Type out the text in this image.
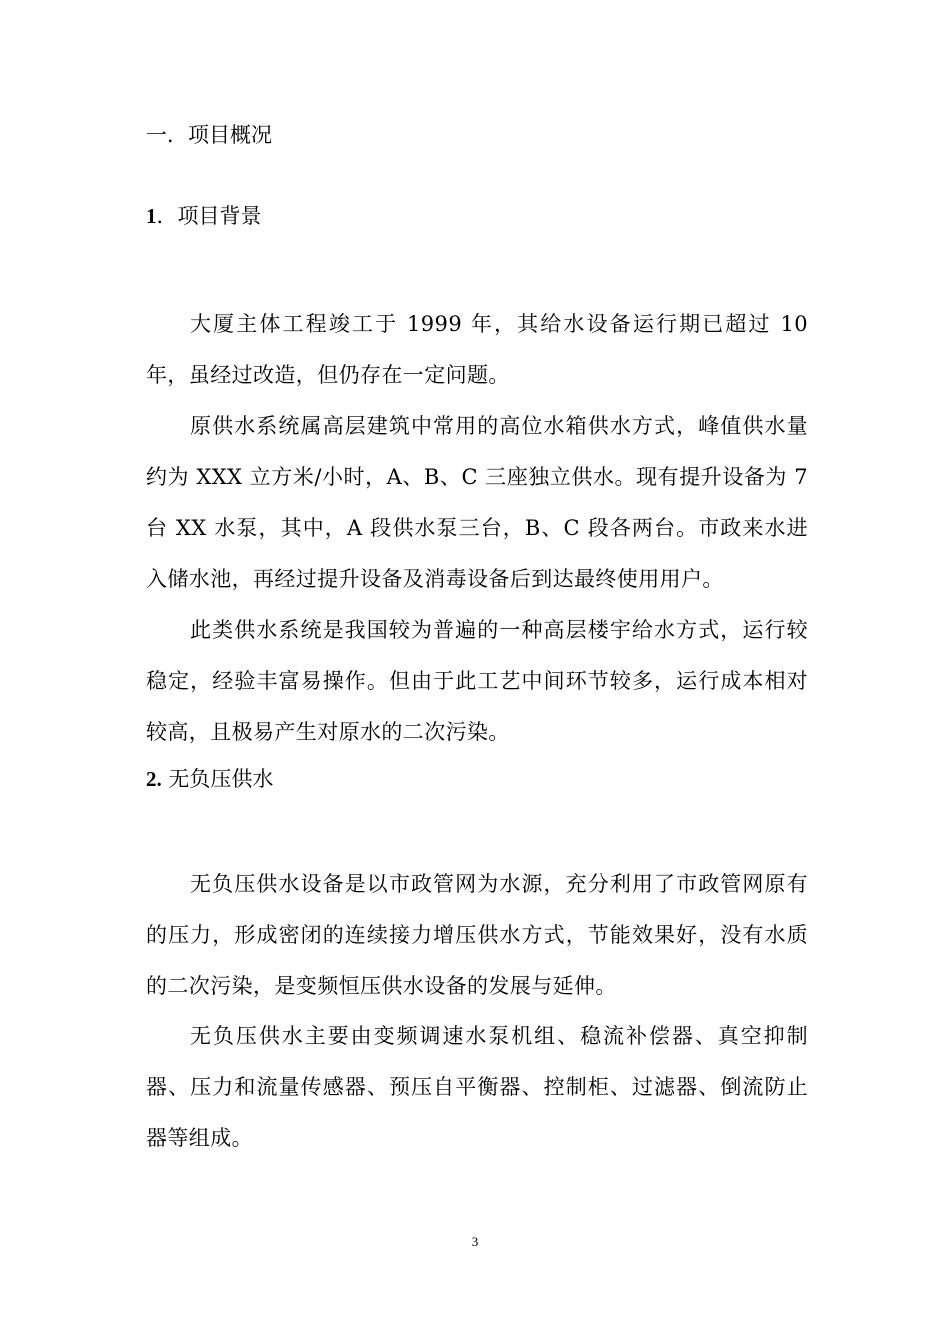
一．项目概况
1．项目背景

大厦主体工程竣工于 1999 年，其给水设备运行期已超过 10 年，虽经过改造，但仍存在一定问题。

原供水系统属高层建筑中常用的高位水箱供水方式，峰值供水量约为 XXX 立方米/小时，A、B、C 三座独立供水。现有提升设备为 7 台 XX 水泵，其中，A 段供水泵三台，B、C 段各两台。市政来水进入储水池，再经过提升设备及消毒设备后到达最终使用用户。

此类供水系统是我国较为普遍的一种高层楼宇给水方式，运行较稳定，经验丰富易操作。但由于此工艺中间环节较多，运行成本相对较高，且极易产生对原水的二次污染。

2. 无负压供水

无负压供水设备是以市政管网为水源，充分利用了市政管网原有的压力，形成密闭的连续接力增压供水方式，节能效果好，没有水质的二次污染，是变频恒压供水设备的发展与延伸。

无负压供水主要由变频调速水泵机组、稳流补偿器、真空抑制器、压力和流量传感器、预压自平衡器、控制柜、过滤器、倒流防止器等组成。

3
